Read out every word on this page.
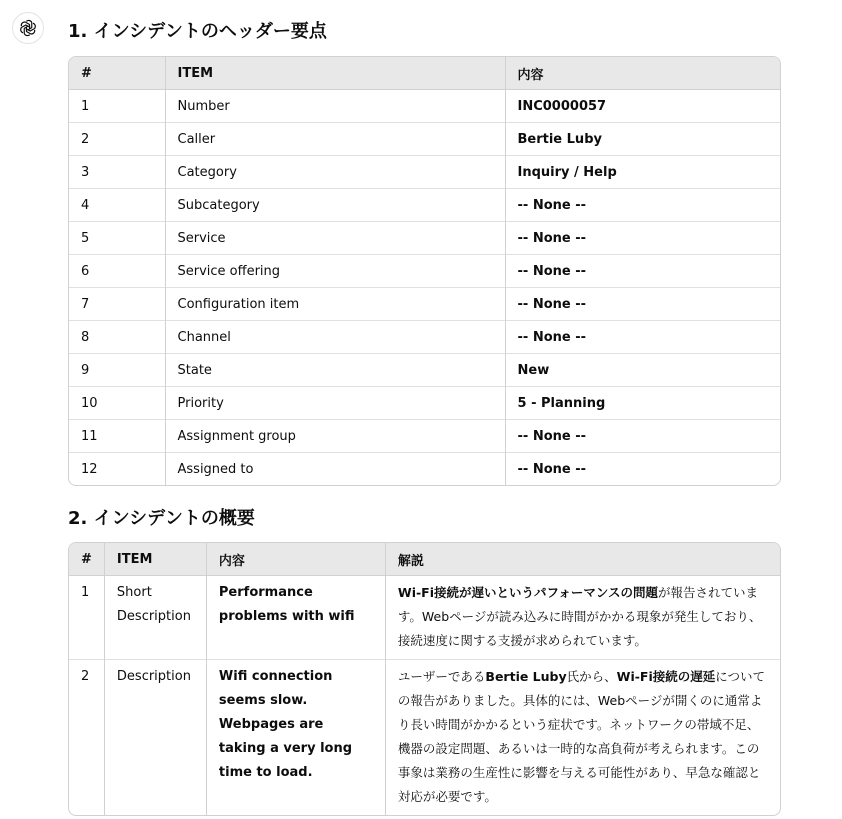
1. インシデントのヘッダー要点
#	ITEM	内容
1	Number	INC0000057
2	Caller	Bertie Luby
3	Category	Inquiry / Help
4	Subcategory	-- None --
5	Service	-- None --
6	Service offering	-- None --
7	Configuration item	-- None --
8	Channel	-- None --
9	State	New
10	Priority	5 - Planning
11	Assignment group	-- None --
12	Assigned to	-- None --
2. インシデントの概要
#	ITEM	内容	解説
1	Short Description	Performance problems with wifi	Wi-Fi接続が遅いというパフォーマンスの問題が報告されています。Webページが読み込みに時間がかかる現象が発生しており、接続速度に関する支援が求められています。
2	Description	Wifi connection seems slow. Webpages are taking a very long time to load.	ユーザーであるBertie Luby氏から、Wi-Fi接続の遅延についての報告がありました。具体的には、Webページが開くのに通常より長い時間がかかるという症状です。ネットワークの帯域不足、機器の設定問題、あるいは一時的な高負荷が考えられます。この事象は業務の生産性に影響を与える可能性があり、早急な確認と対応が必要です。
